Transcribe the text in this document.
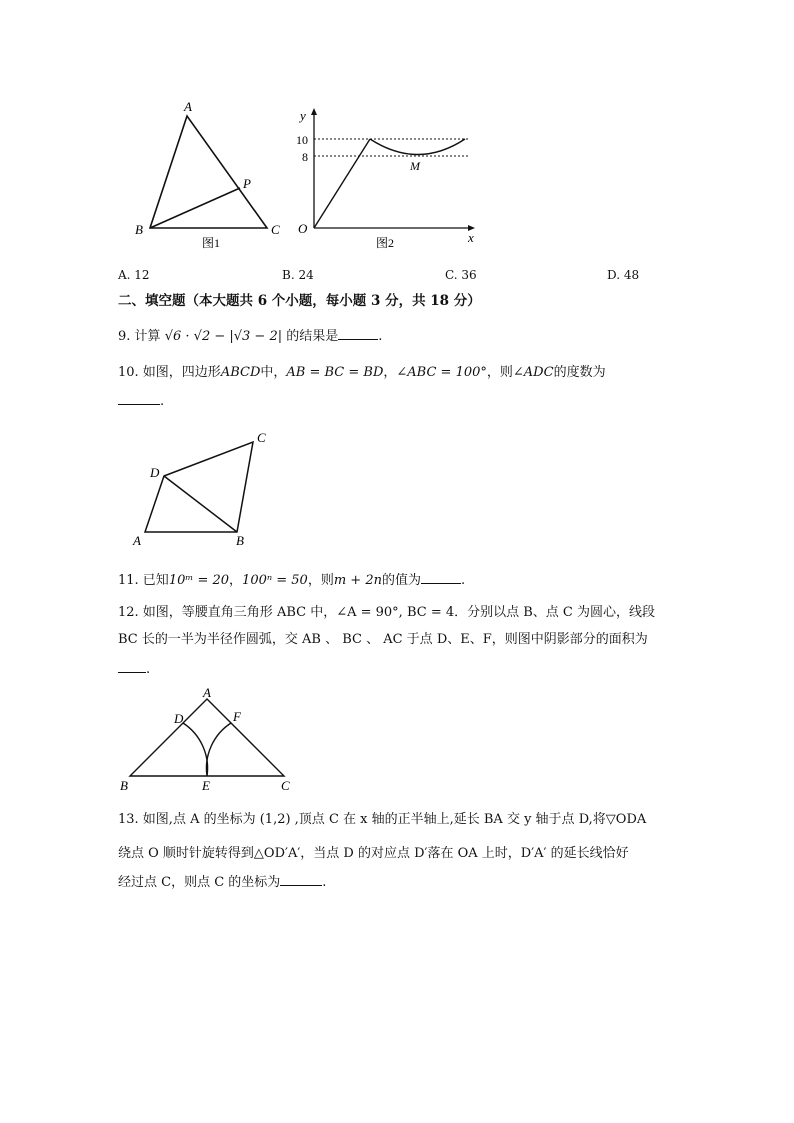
A
B	C
P
图1
y
x
O
10
8
M
图2
A. 12	B. 24	C. 36	D. 48
二、填空题（本大题共 6 个小题，每小题 3 分，共 18 分）
9. 计算 √6 · √2 − |√3 − 2| 的结果是	.
10. 如图，四边形ABCD中，AB = BC = BD，∠ABC = 100°，则∠ADC的度数为
.
A	B
C
D
11. 已知10ᵐ = 20，100ⁿ = 50，则m + 2n的值为	.
12. 如图，等腰直角三角形 ABC 中，∠A = 90°, BC = 4．分别以点 B、点 C 为圆心，线段
.
A
B	C
D
E
F
13. 如图,点 A 的坐标为 (1,2) ,顶点 C 在 x 轴的正半轴上,延长 BA 交 y 轴于点 D,将▽ODA
绕点 O 顺时针旋转得到△OD′A′，当点 D 的对应点 D′落在 OA 上时，D′A′ 的延长线恰好
经过点 C，则点 C 的坐标为	.
BC 长的一半为半径作圆弧，交 AB 、 BC 、 AC 于点 D、E、F，则图中阴影部分的面积为
